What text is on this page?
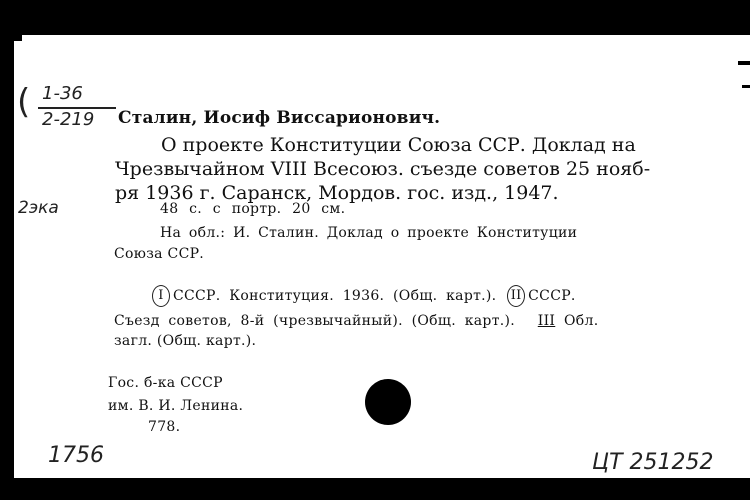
( 1-36
2-219 Сталин, Иосиф Виссарионович.
О проекте Конституции Союза ССР. Доклад на
Чрезвычайном VIII Всесоюз. съезде советов 25 нояб-
ря 1936 г. Саранск, Мордов. гос. изд., 1947.
2эка	48 с. с портр. 20 см.
На обл.: И. Сталин. Доклад о проекте Конституции
Союза ССР.
I СССР. Конституция. 1936. (Общ. карт.). II СССР.
Съезд советов, 8-й (чрезвычайный). (Общ. карт.). III Обл.
загл. (Общ. карт.).
Гос. б-ка СССР
им. В. И. Ленина.
778.
1756	ЦТ 251252
